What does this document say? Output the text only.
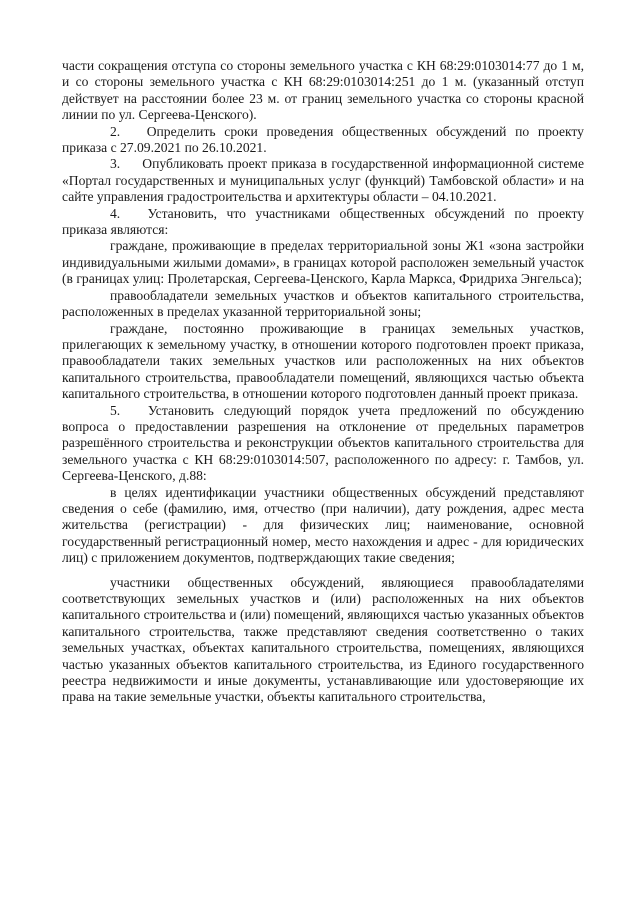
части сокращения отступа со стороны земельного участка с КН 68:29:0103014:77 до 1 м, и со стороны земельного участка с КН 68:29:0103014:251 до 1 м. (указанный отступ действует на расстоянии более 23 м. от границ земельного участка со стороны красной линии по ул. Сергеева-Ценского).

2. Определить сроки проведения общественных обсуждений по проекту приказа с 27.09.2021 по 26.10.2021.

3. Опубликовать проект приказа в государственной информационной системе «Портал государственных и муниципальных услуг (функций) Тамбовской области» и на сайте управления градостроительства и архитектуры области – 04.10.2021.

4. Установить, что участниками общественных обсуждений по проекту приказа являются:

граждане, проживающие в пределах территориальной зоны Ж1 «зона застройки индивидуальными жилыми домами», в границах которой расположен земельный участок (в границах улиц: Пролетарская, Сергеева-Ценского, Карла Маркса, Фридриха Энгельса);

правообладатели земельных участков и объектов капитального строительства, расположенных в пределах указанной территориальной зоны;

граждане, постоянно проживающие в границах земельных участков, прилегающих к земельному участку, в отношении которого подготовлен проект приказа, правообладатели таких земельных участков или расположенных на них объектов капитального строительства, правообладатели помещений, являющихся частью объекта капитального строительства, в отношении которого подготовлен данный проект приказа.

5. Установить следующий порядок учета предложений по обсуждению вопроса о предоставлении разрешения на отклонение от предельных параметров разрешённого строительства и реконструкции объектов капитального строительства для земельного участка с КН 68:29:0103014:507, расположенного по адресу: г. Тамбов, ул. Сергеева-Ценского, д.88:

в целях идентификации участники общественных обсуждений представляют сведения о себе (фамилию, имя, отчество (при наличии), дату рождения, адрес места жительства (регистрации) - для физических лиц; наименование, основной государственный регистрационный номер, место нахождения и адрес - для юридических лиц) с приложением документов, подтверждающих такие сведения;

участники общественных обсуждений, являющиеся правообладателями соответствующих земельных участков и (или) расположенных на них объектов капитального строительства и (или) помещений, являющихся частью указанных объектов капитального строительства, также представляют сведения соответственно о таких земельных участках, объектах капитального строительства, помещениях, являющихся частью указанных объектов капитального строительства, из Единого государственного реестра недвижимости и иные документы, устанавливающие или удостоверяющие их права на такие земельные участки, объекты капитального строительства,
